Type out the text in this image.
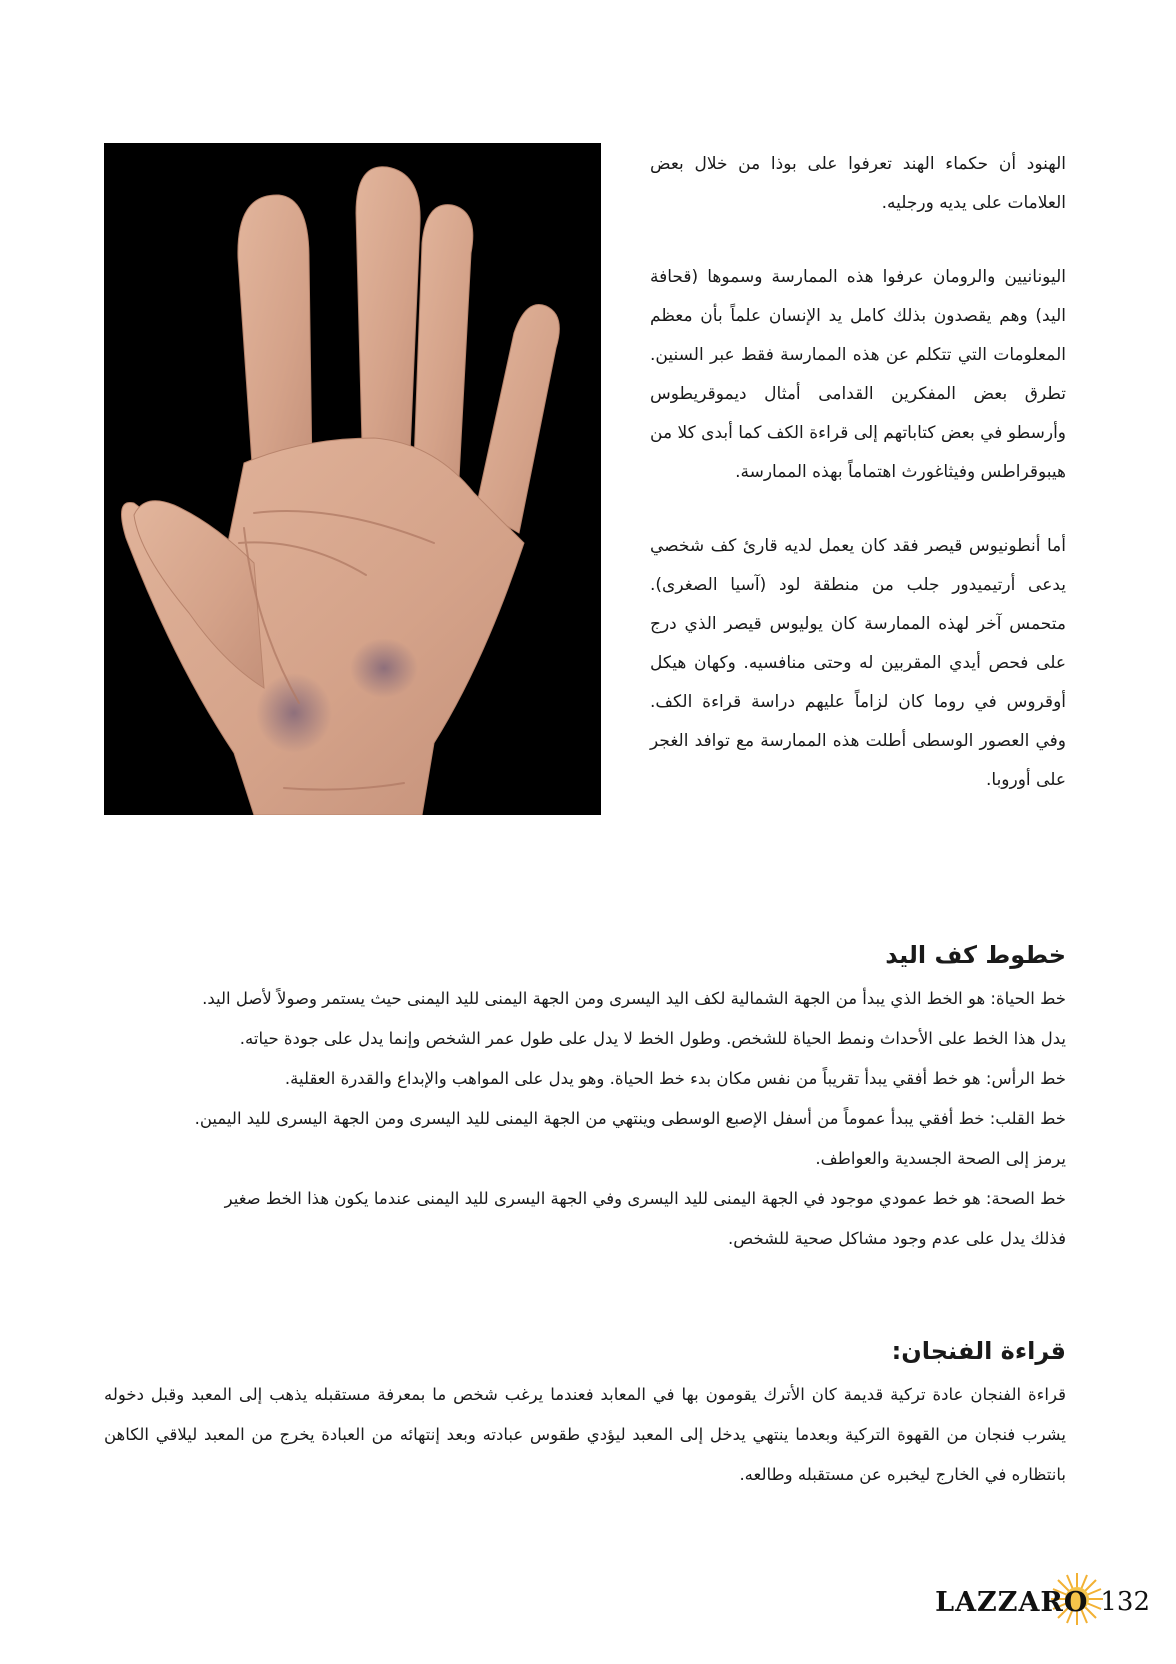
الهنود أن حكماء الهند تعرفوا على بوذا من خلال بعض العلامات على يديه ورجليه.

اليونانيين والرومان عرفوا هذه الممارسة وسموها (قحافة اليد) وهم يقصدون بذلك كامل يد الإنسان علماً بأن معظم المعلومات التي تتكلم عن هذه الممارسة فقط عبر السنين. تطرق بعض المفكرين القدامى أمثال ديموقريطوس وأرسطو في بعض كتاباتهم إلى قراءة الكف كما أبدى كلا من هيبوقراطس وفيثاغورث اهتماماً بهذه الممارسة.

أما أنطونيوس قيصر فقد كان يعمل لديه قارئ كف شخصي يدعى أرتيميدور جلب من منطقة لود (آسيا الصغرى). متحمس آخر لهذه الممارسة كان يوليوس قيصر الذي درج على فحص أيدي المقربين له وحتى منافسيه. وكهان هيكل أوقروس في روما كان لزاماً عليهم دراسة قراءة الكف. وفي العصور الوسطى أطلت هذه الممارسة مع توافد الغجر على أوروبا.

خطوط كف اليد

خط الحياة: هو الخط الذي يبدأ من الجهة الشمالية لكف اليد اليسرى ومن الجهة اليمنى لليد اليمنى حيث يستمر وصولاً لأصل اليد.

يدل هذا الخط على الأحداث ونمط الحياة للشخص. وطول الخط لا يدل على طول عمر الشخص وإنما يدل على جودة حياته.

خط الرأس: هو خط أفقي يبدأ تقريباً من نفس مكان بدء خط الحياة. وهو يدل على المواهب والإبداع والقدرة العقلية.

خط القلب: خط أفقي يبدأ عموماً من أسفل الإصبع الوسطى وينتهي من الجهة اليمنى لليد اليسرى ومن الجهة اليسرى لليد اليمين.

يرمز إلى الصحة الجسدية والعواطف.

خط الصحة: هو خط عمودي موجود في الجهة اليمنى لليد اليسرى وفي الجهة اليسرى لليد اليمنى عندما يكون هذا الخط صغير

فذلك يدل على عدم وجود مشاكل صحية للشخص.

قراءة الفنجان:

قراءة الفنجان عادة تركية قديمة كان الأترك يقومون بها في المعابد فعندما يرغب شخص ما بمعرفة مستقبله يذهب إلى المعبد وقبل دخوله يشرب فنجان من القهوة التركية وبعدما ينتهي يدخل إلى المعبد ليؤدي طقوس عبادته وبعد إنتهائه من العبادة يخرج من المعبد ليلاقي الكاهن بانتظاره في الخارج ليخبره عن مستقبله وطالعه.

LAZZARO 132
